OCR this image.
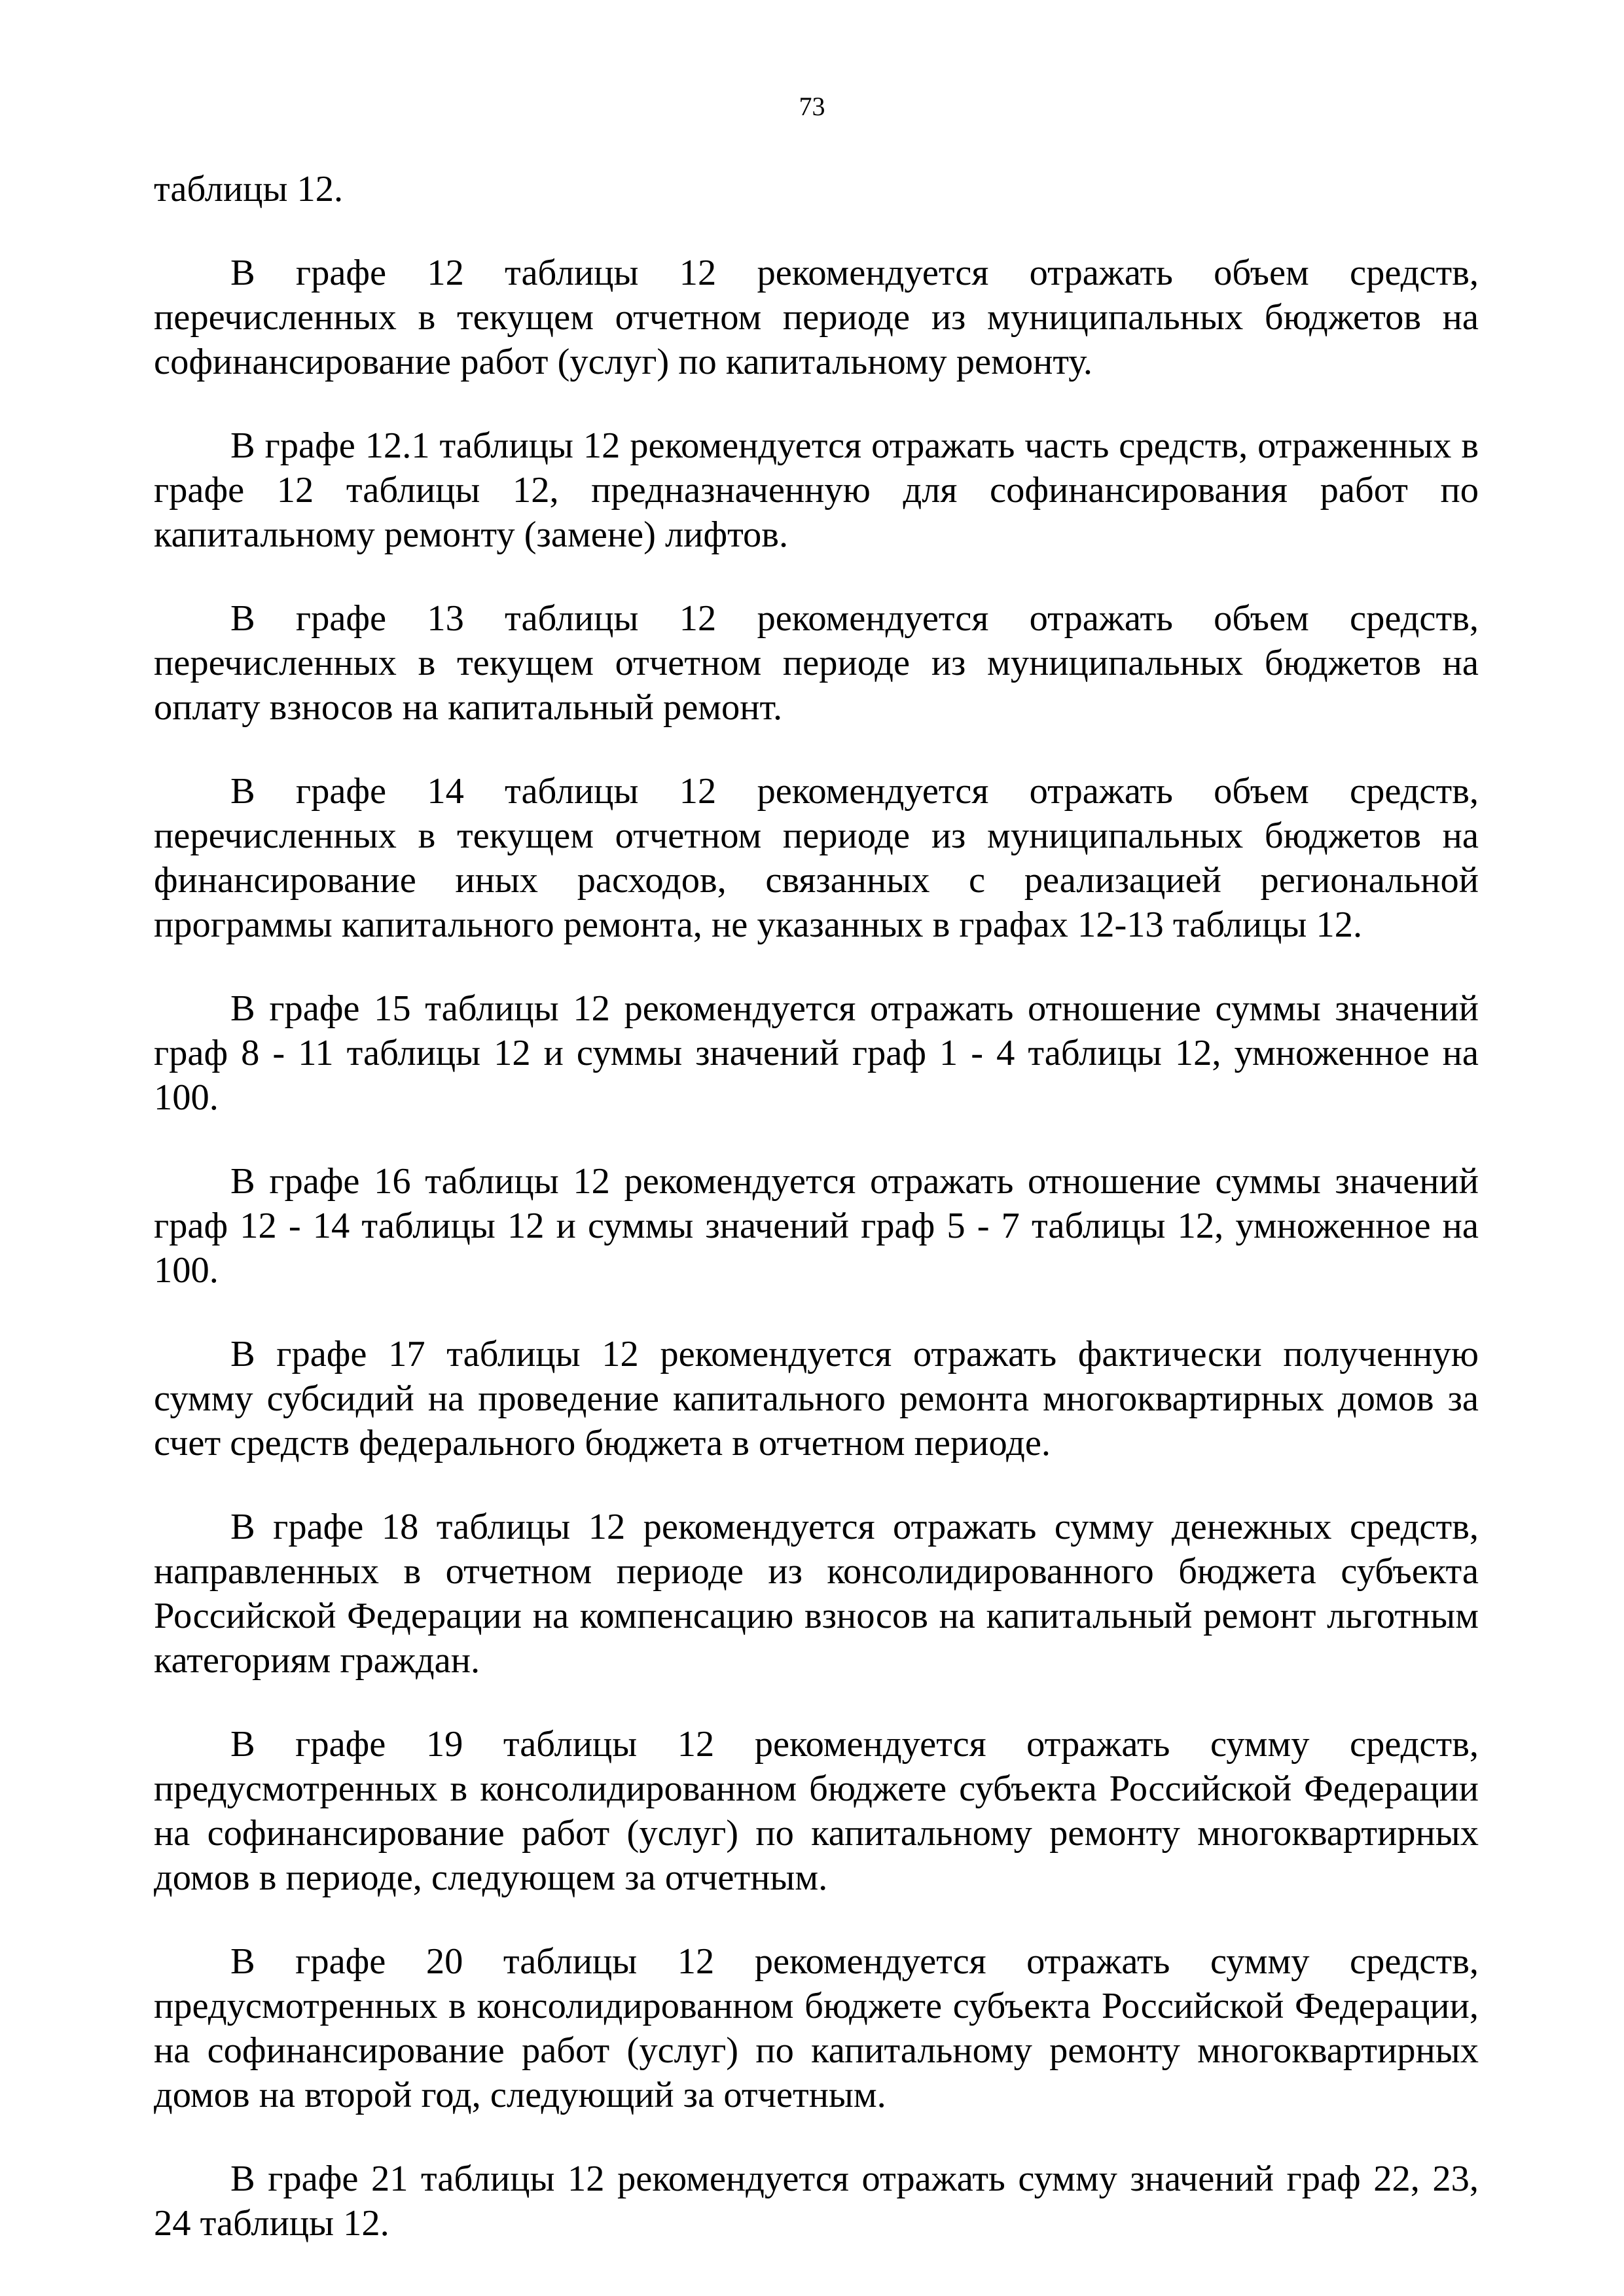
73

таблицы 12.

В графе 12 таблицы 12 рекомендуется отражать объем средств, перечисленных в текущем отчетном периоде из муниципальных бюджетов на софинансирование работ (услуг) по капитальному ремонту.

В графе 12.1 таблицы 12 рекомендуется отражать часть средств, отраженных в графе 12 таблицы 12, предназначенную для софинансирования работ по капитальному ремонту (замене) лифтов.

В графе 13 таблицы 12 рекомендуется отражать объем средств, перечисленных в текущем отчетном периоде из муниципальных бюджетов на оплату взносов на капитальный ремонт.

В графе 14 таблицы 12 рекомендуется отражать объем средств, перечисленных в текущем отчетном периоде из муниципальных бюджетов на финансирование иных расходов, связанных с реализацией региональной программы капитального ремонта, не указанных в графах 12-13 таблицы 12.

В графе 15 таблицы 12 рекомендуется отражать отношение суммы значений граф 8 - 11 таблицы 12 и суммы значений граф 1 - 4 таблицы 12, умноженное на 100.

В графе 16 таблицы 12 рекомендуется отражать отношение суммы значений граф 12 - 14 таблицы 12 и суммы значений граф 5 - 7 таблицы 12, умноженное на 100.

В графе 17 таблицы 12 рекомендуется отражать фактически полученную сумму субсидий на проведение капитального ремонта многоквартирных домов за счет средств федерального бюджета в отчетном периоде.

В графе 18 таблицы 12 рекомендуется отражать сумму денежных средств, направленных в отчетном периоде из консолидированного бюджета субъекта Российской Федерации на компенсацию взносов на капитальный ремонт льготным категориям граждан.

В графе 19 таблицы 12 рекомендуется отражать сумму средств, предусмотренных в консолидированном бюджете субъекта Российской Федерации на софинансирование работ (услуг) по капитальному ремонту многоквартирных домов в периоде, следующем за отчетным.

В графе 20 таблицы 12 рекомендуется отражать сумму средств, предусмотренных в консолидированном бюджете субъекта Российской Федерации, на софинансирование работ (услуг) по капитальному ремонту многоквартирных домов на второй год, следующий за отчетным.

В графе 21 таблицы 12 рекомендуется отражать сумму значений граф 22, 23, 24 таблицы 12.
